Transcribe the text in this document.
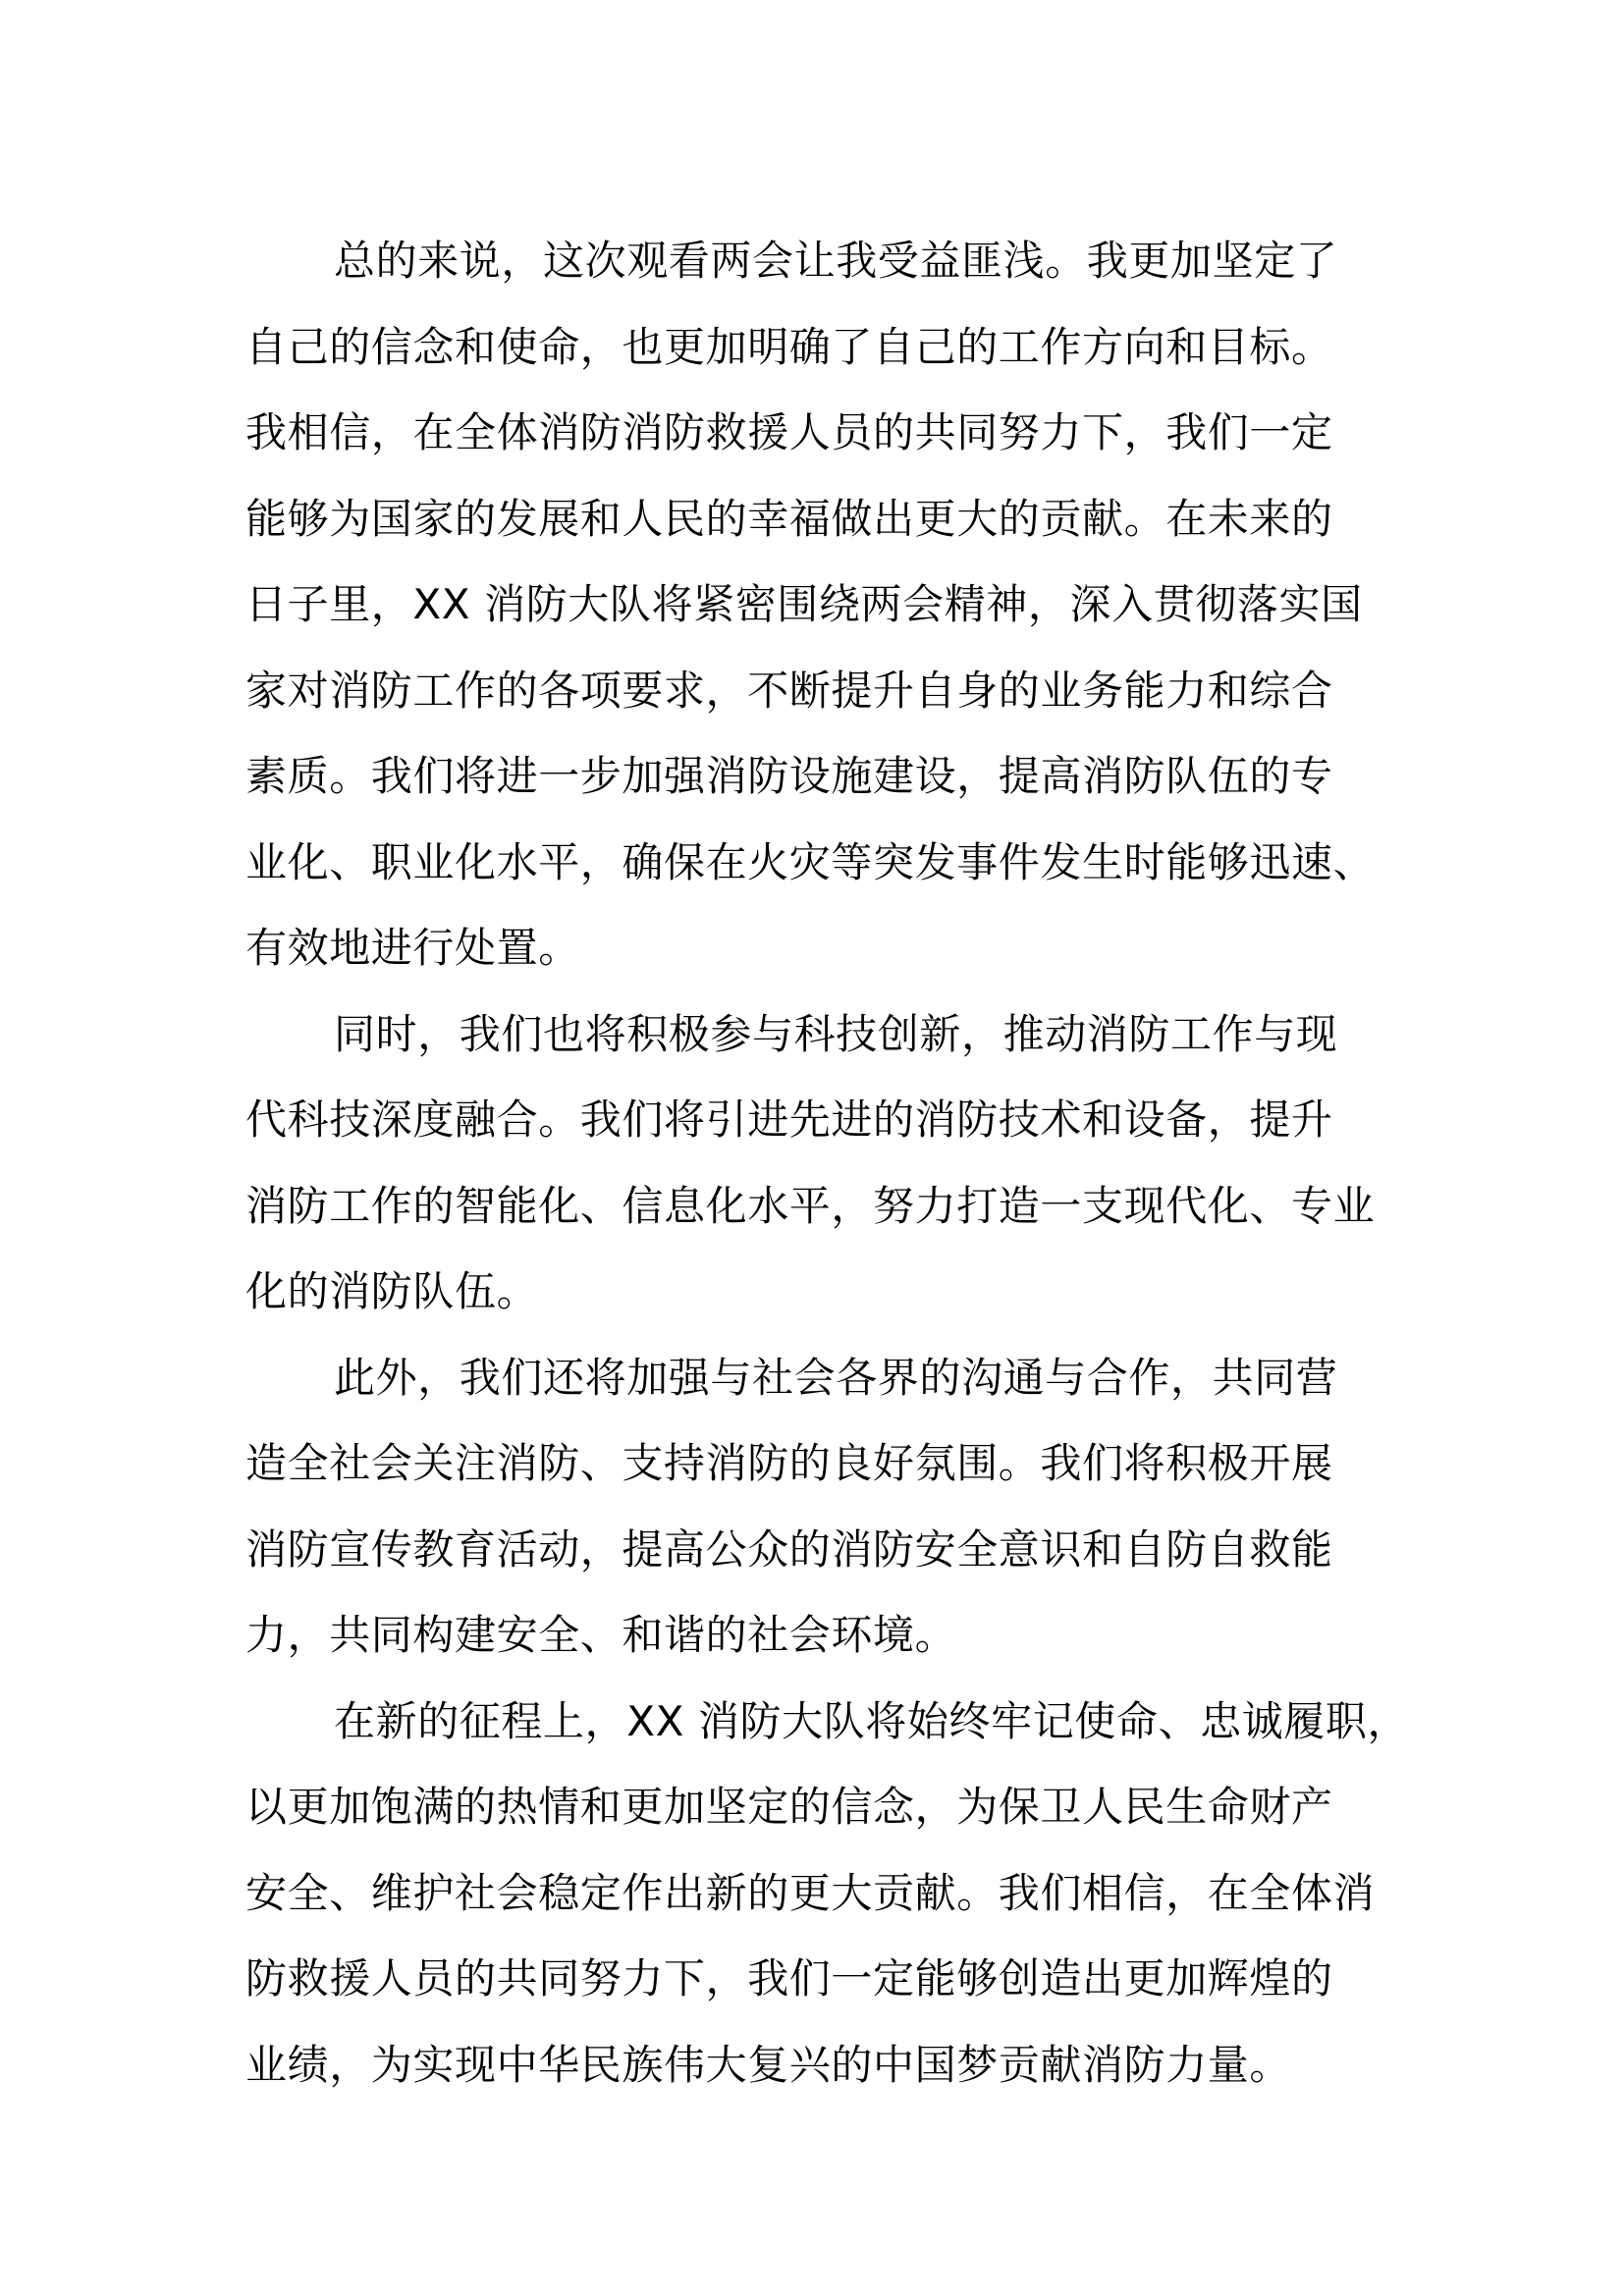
总的来说，这次观看两会让我受益匪浅。我更加坚定了
自己的信念和使命，也更加明确了自己的工作方向和目标。
我相信，在全体消防消防救援人员的共同努力下，我们一定
能够为国家的发展和人民的幸福做出更大的贡献。在未来的
日子里，XX 消防大队将紧密围绕两会精神，深入贯彻落实国
家对消防工作的各项要求，不断提升自身的业务能力和综合
素质。我们将进一步加强消防设施建设，提高消防队伍的专
业化、职业化水平，确保在火灾等突发事件发生时能够迅速、
有效地进行处置。
同时，我们也将积极参与科技创新，推动消防工作与现
代科技深度融合。我们将引进先进的消防技术和设备，提升
消防工作的智能化、信息化水平，努力打造一支现代化、专业
化的消防队伍。
此外，我们还将加强与社会各界的沟通与合作，共同营
造全社会关注消防、支持消防的良好氛围。我们将积极开展
消防宣传教育活动，提高公众的消防安全意识和自防自救能
力，共同构建安全、和谐的社会环境。
在新的征程上，XX 消防大队将始终牢记使命、忠诚履职，
以更加饱满的热情和更加坚定的信念，为保卫人民生命财产
安全、维护社会稳定作出新的更大贡献。我们相信，在全体消
防救援人员的共同努力下，我们一定能够创造出更加辉煌的
业绩，为实现中华民族伟大复兴的中国梦贡献消防力量。
